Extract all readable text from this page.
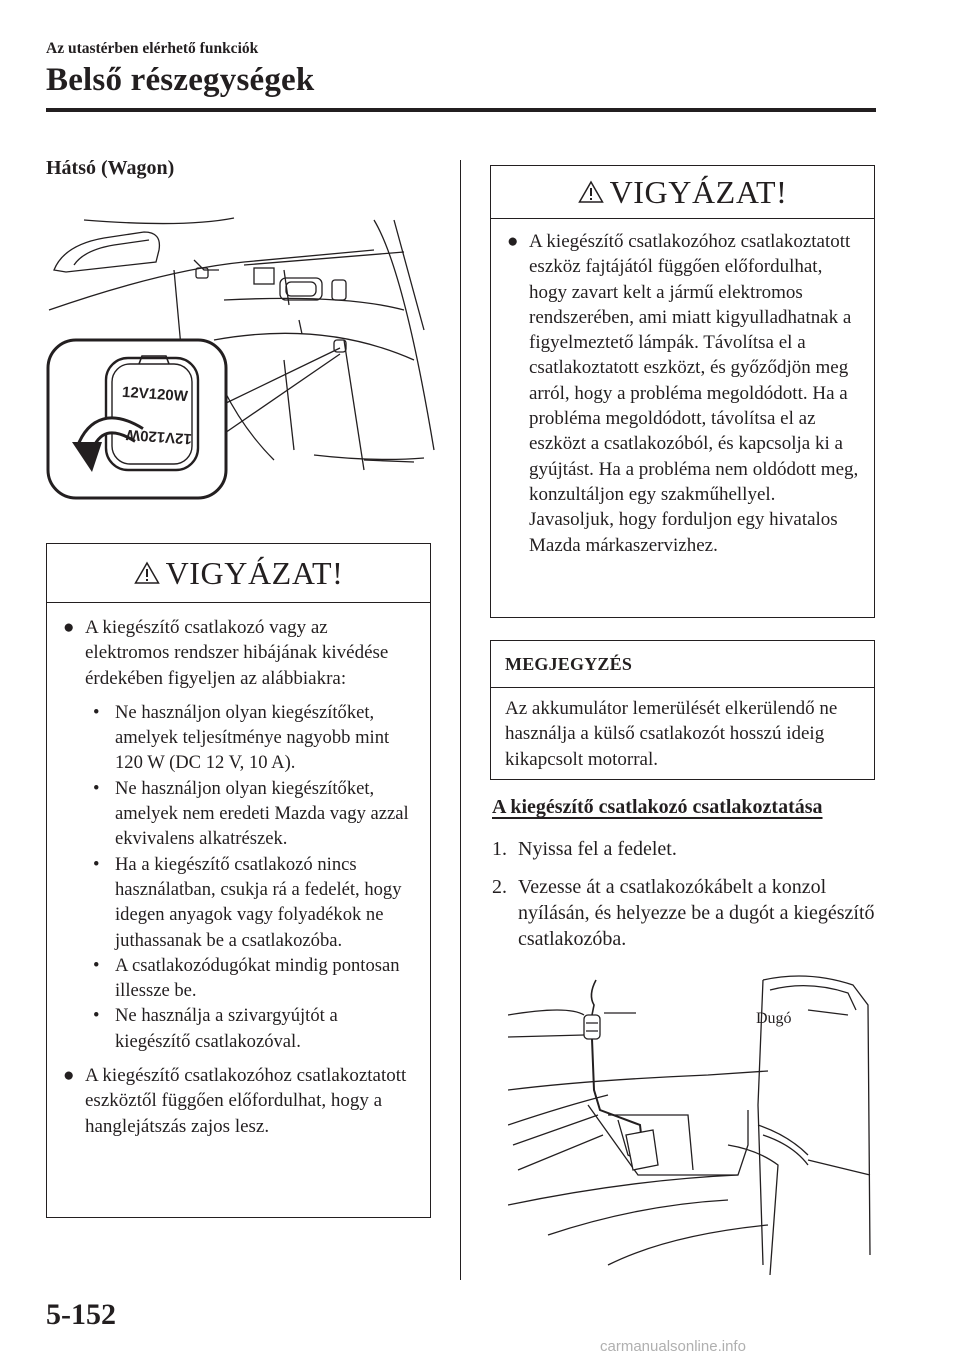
Az utastérben elérhető funkciók
Belső részegységek
Hátsó (Wagon)
12V120W
12V120W
VIGYÁZAT!
● A kiegészítő csatlakozó vagy az elektromos rendszer hibájának kivédése érdekében figyeljen az alábbiakra:
• Ne használjon olyan kiegészítőket, amelyek teljesítménye nagyobb mint 120 W (DC 12 V, 10 A).
• Ne használjon olyan kiegészítőket, amelyek nem eredeti Mazda vagy azzal ekvivalens alkatrészek.
• Ha a kiegészítő csatlakozó nincs használatban, csukja rá a fedelét, hogy idegen anyagok vagy folyadékok ne juthassanak be a csatlakozóba.
• A csatlakozódugókat mindig pontosan illessze be.
• Ne használja a szivargyújtót a kiegészítő csatlakozóval.
● A kiegészítő csatlakozóhoz csatlakoztatott eszköztől függően előfordulhat, hogy a hanglejátszás zajos lesz.
VIGYÁZAT!
● A kiegészítő csatlakozóhoz csatlakoztatott eszköz fajtájától függően előfordulhat, hogy zavart kelt a jármű elektromos rendszerében, ami miatt kigyulladhatnak a figyelmeztető lámpák. Távolítsa el a csatlakoztatott eszközt, és győződjön meg arról, hogy a probléma megoldódott. Ha a probléma megoldódott, távolítsa el az eszközt a csatlakozóból, és kapcsolja ki a gyújtást. Ha a probléma nem oldódott meg, konzultáljon egy szakműhellyel. Javasoljuk, hogy forduljon egy hivatalos Mazda márkaszervizhez.
MEGJEGYZÉS
Az akkumulátor lemerülését elkerülendő ne használja a külső csatlakozót hosszú ideig kikapcsolt motorral.
A kiegészítő csatlakozó csatlakoztatása
1. Nyissa fel a fedelet.
2. Vezesse át a csatlakozókábelt a konzol nyílásán, és helyezze be a dugót a kiegészítő csatlakozóba.
Dugó
5-152
carmanualsonline.info
